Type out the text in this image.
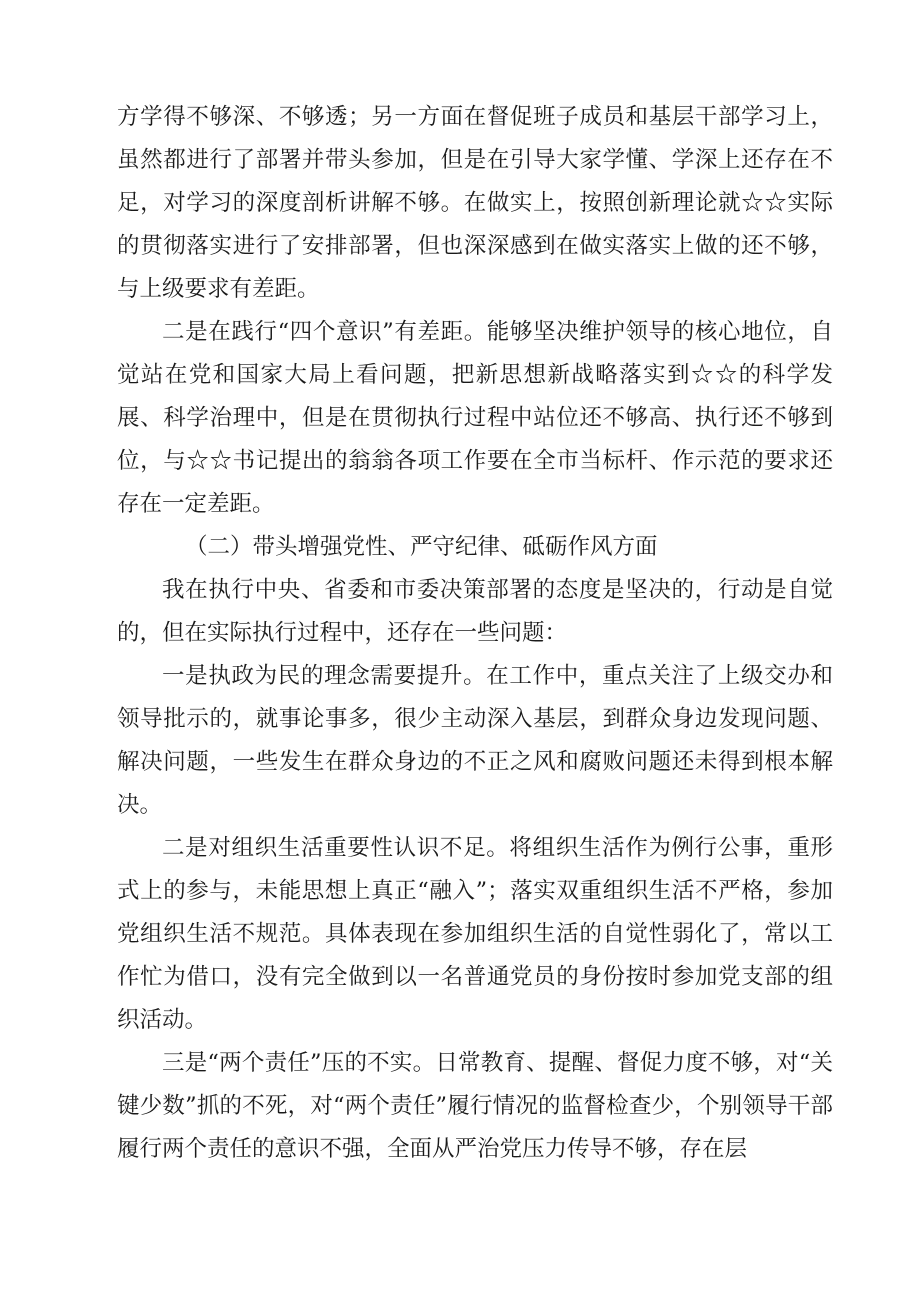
方学得不够深、不够透；另一方面在督促班子成员和基层干部学习上，虽然都进行了部署并带头参加，但是在引导大家学懂、学深上还存在不足，对学习的深度剖析讲解不够。在做实上，按照创新理论就☆☆实际的贯彻落实进行了安排部署，但也深深感到在做实落实上做的还不够，与上级要求有差距。

二是在践行“四个意识”有差距。能够坚决维护领导的核心地位，自觉站在党和国家大局上看问题，把新思想新战略落实到☆☆的科学发展、科学治理中，但是在贯彻执行过程中站位还不够高、执行还不够到位，与☆☆书记提出的翁翁各项工作要在全市当标杆、作示范的要求还存在一定差距。

（二）带头增强党性、严守纪律、砥砺作风方面

我在执行中央、省委和市委决策部署的态度是坚决的，行动是自觉的，但在实际执行过程中，还存在一些问题：

一是执政为民的理念需要提升。在工作中，重点关注了上级交办和领导批示的，就事论事多，很少主动深入基层，到群众身边发现问题、解决问题，一些发生在群众身边的不正之风和腐败问题还未得到根本解决。

二是对组织生活重要性认识不足。将组织生活作为例行公事，重形式上的参与，未能思想上真正“融入”；落实双重组织生活不严格，参加党组织生活不规范。具体表现在参加组织生活的自觉性弱化了，常以工作忙为借口，没有完全做到以一名普通党员的身份按时参加党支部的组织活动。

三是“两个责任”压的不实。日常教育、提醒、督促力度不够，对“关键少数”抓的不死，对“两个责任”履行情况的监督检查少，个别领导干部履行两个责任的意识不强，全面从严治党压力传导不够，存在层
